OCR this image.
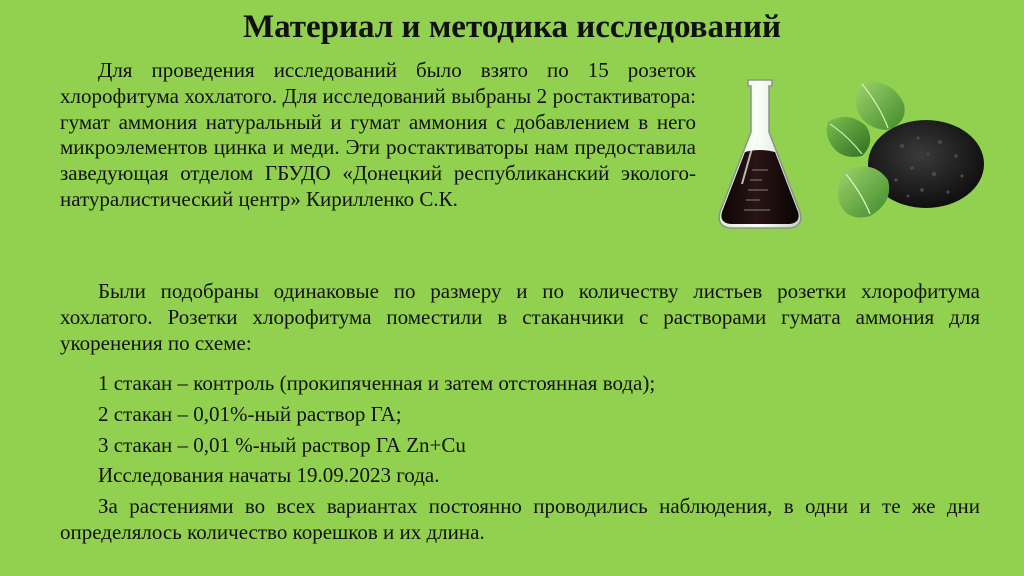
Материал и методика исследований

Для проведения исследований было взято по 15 розеток хлорофитума хохлатого. Для исследований выбраны 2 ростактиватора: гумат аммония натуральный и гумат аммония с добавлением в него микроэлементов цинка и меди. Эти ростактиваторы нам предоставила заведующая отделом ГБУДО «Донецкий республиканский эколого-натуралистический центр» Кирилленко С.К.

Были подобраны одинаковые по размеру и по количеству листьев розетки хлорофитума хохлатого. Розетки хлорофитума поместили в стаканчики с растворами гумата аммония для укоренения по схеме:

1 стакан – контроль (прокипяченная и затем отстоянная вода);
2 стакан – 0,01%-ный раствор ГА;
3 стакан – 0,01 %-ный раствор ГА Zn+Cu
Исследования начаты 19.09.2023 года.

За растениями во всех вариантах постоянно проводились наблюдения, в одни и те же дни определялось количество корешков и их длина.
